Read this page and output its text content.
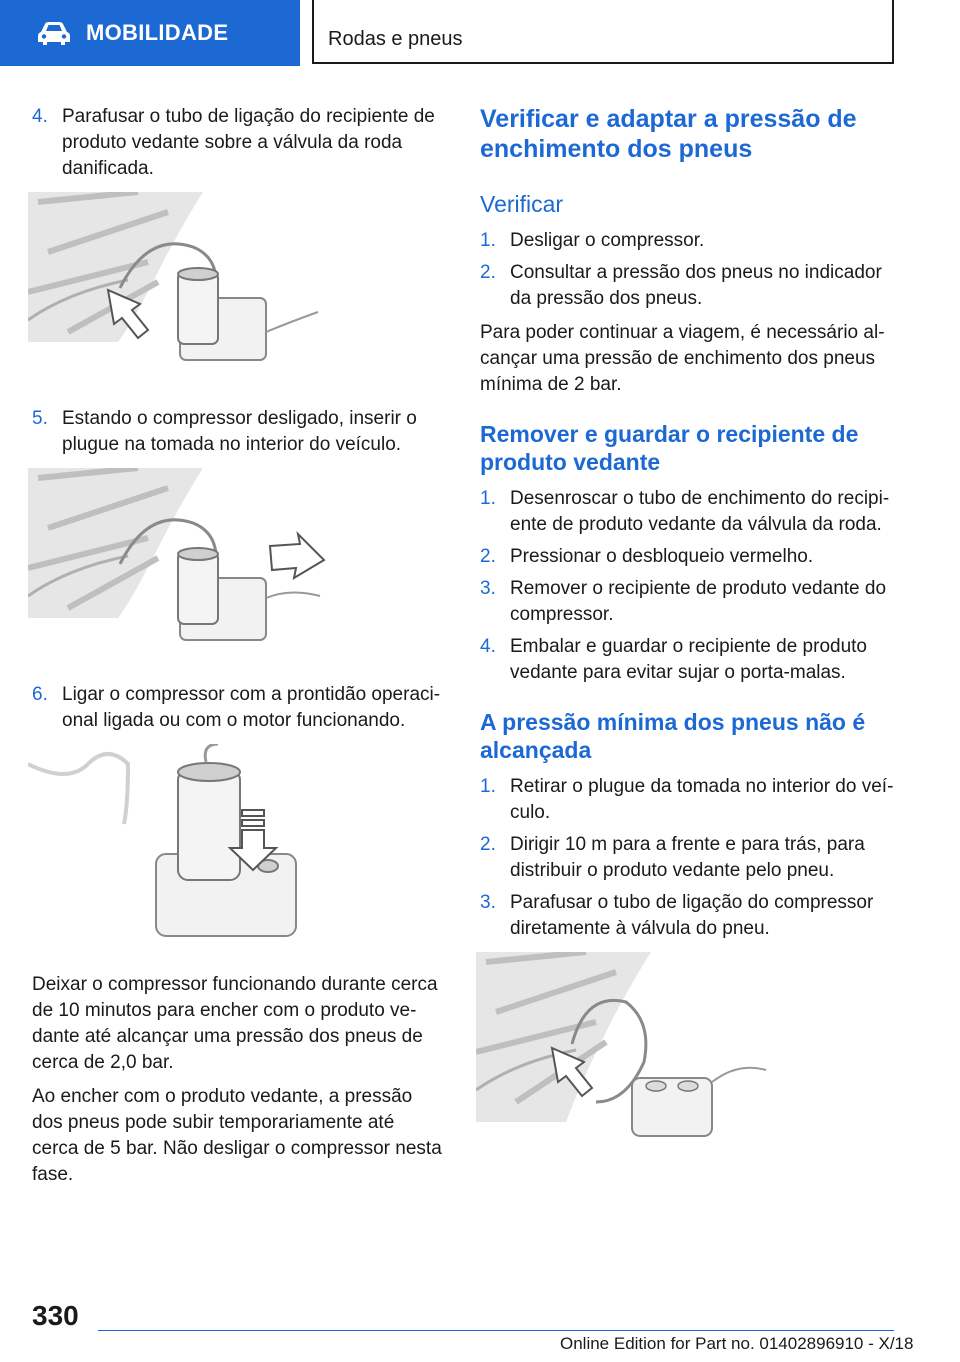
MOBILIDADE	Rodas e pneus
4. Parafusar o tubo de ligação do recipiente de produto vedante sobre a válvula da roda danificada.
5. Estando o compressor desligado, inserir o plugue na tomada no interior do veículo.
6. Ligar o compressor com a prontidão operacional ligada ou com o motor funcionando.

Deixar o compressor funcionando durante cerca de 10 minutos para encher com o produto vedante até alcançar uma pressão dos pneus de cerca de 2,0 bar.

Ao encher com o produto vedante, a pressão dos pneus pode subir temporariamente até cerca de 5 bar. Não desligar o compressor nesta fase.

Verificar e adaptar a pressão de enchimento dos pneus
Verificar
1. Desligar o compressor.
2. Consultar a pressão dos pneus no indicador da pressão dos pneus.

Para poder continuar a viagem, é necessário alcançar uma pressão de enchimento dos pneus mínima de 2 bar.

Remover e guardar o recipiente de produto vedante
1. Desenroscar o tubo de enchimento do recipiente de produto vedante da válvula da roda.
2. Pressionar o desbloqueio vermelho.
3. Remover o recipiente de produto vedante do compressor.
4. Embalar e guardar o recipiente de produto vedante para evitar sujar o porta-malas.
A pressão mínima dos pneus não é alcançada
1. Retirar o plugue da tomada no interior do veículo.
2. Dirigir 10 m para a frente e para trás, para distribuir o produto vedante pelo pneu.
3. Parafusar o tubo de ligação do compressor diretamente à válvula do pneu.
330
Online Edition for Part no. 01402896910 - X/18
